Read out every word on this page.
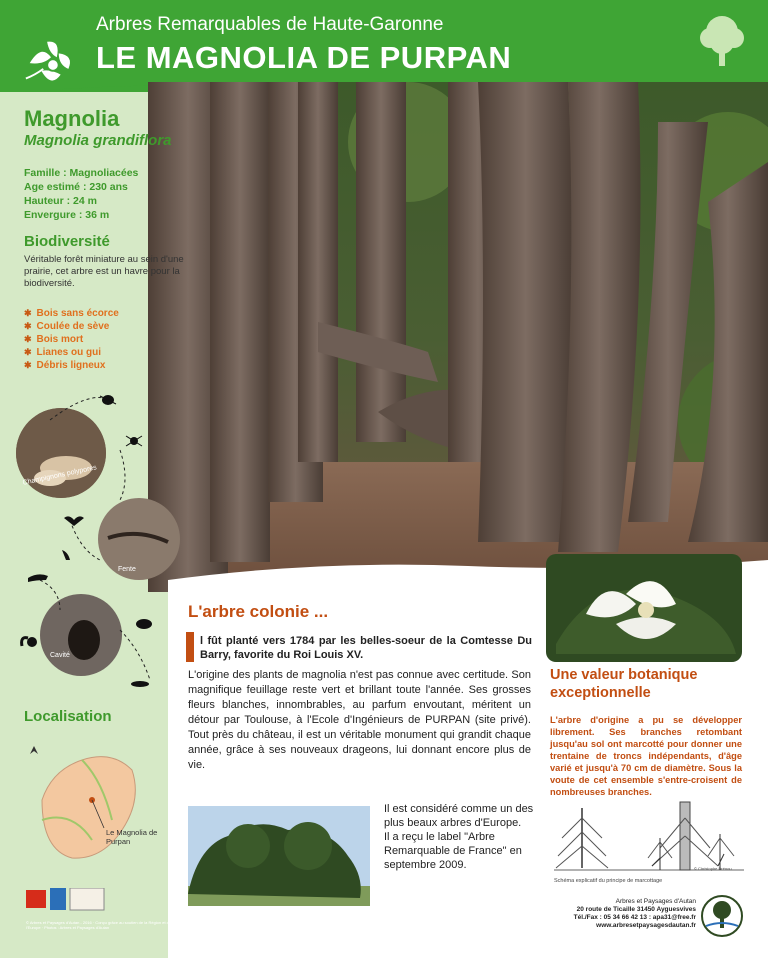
Arbres Remarquables de Haute-Garonne
LE MAGNOLIA DE PURPAN
Magnolia
Magnolia grandiflora
Famille : Magnoliacées
Age estimé : 230 ans
Hauteur : 24 m
Envergure : 36 m
Biodiversité
Véritable forêt miniature au sein d'une prairie, cet arbre est un havre pour la biodiversité.
✱ Bois sans écorce
✱ Coulée de sève
✱ Bois mort
✱ Lianes ou gui
✱ Débris ligneux
Champignons polypores
Fente
Cavité
Localisation
Le Magnolia de Purpan
© Arbres et Paysages d'Autan - 2016 · Conçu grâce au soutien de la Région et de l'Europe · Photos : Arbres et Paysages d'Autan
L'arbre colonie ...
l fût planté vers 1784 par les belles-soeur de la Comtesse Du Barry, favorite du Roi Louis XV.
L'origine des plants de magnolia n'est pas connue avec certitude. Son magnifique feuillage reste vert et brillant toute l'année. Ses grosses fleurs blanches, innombrables, au parfum envoutant, méritent un détour par Toulouse, à l'Ecole d'Ingénieurs de PURPAN (site privé). Tout près du château, il est un véritable monument qui grandit chaque année, grâce à ses nouveaux drageons, lui donnant encore plus de vie.
Il est considéré comme un des plus beaux arbres d'Europe.
Il a reçu le label "Arbre Remarquable de France" en septembre 2009.
Une valeur botanique exceptionnelle
L'arbre d'origine a pu se développer librement. Ses branches retombant jusqu'au sol ont marcotté pour donner une trentaine de troncs indépendants, d'âge varié et jusqu'à 70 cm de diamètre. Sous la voute de cet ensemble s'entre-croisent de nombreuses branches.
© Christophe Drénou
Schéma explicatif du principe de marcottage
Arbres et Paysages d'Autan
20 route de Ticaille 31450 Ayguesvives
Tél./Fax : 05 34 66 42 13 : apa31@free.fr
www.arbresetpaysagesdautan.fr
